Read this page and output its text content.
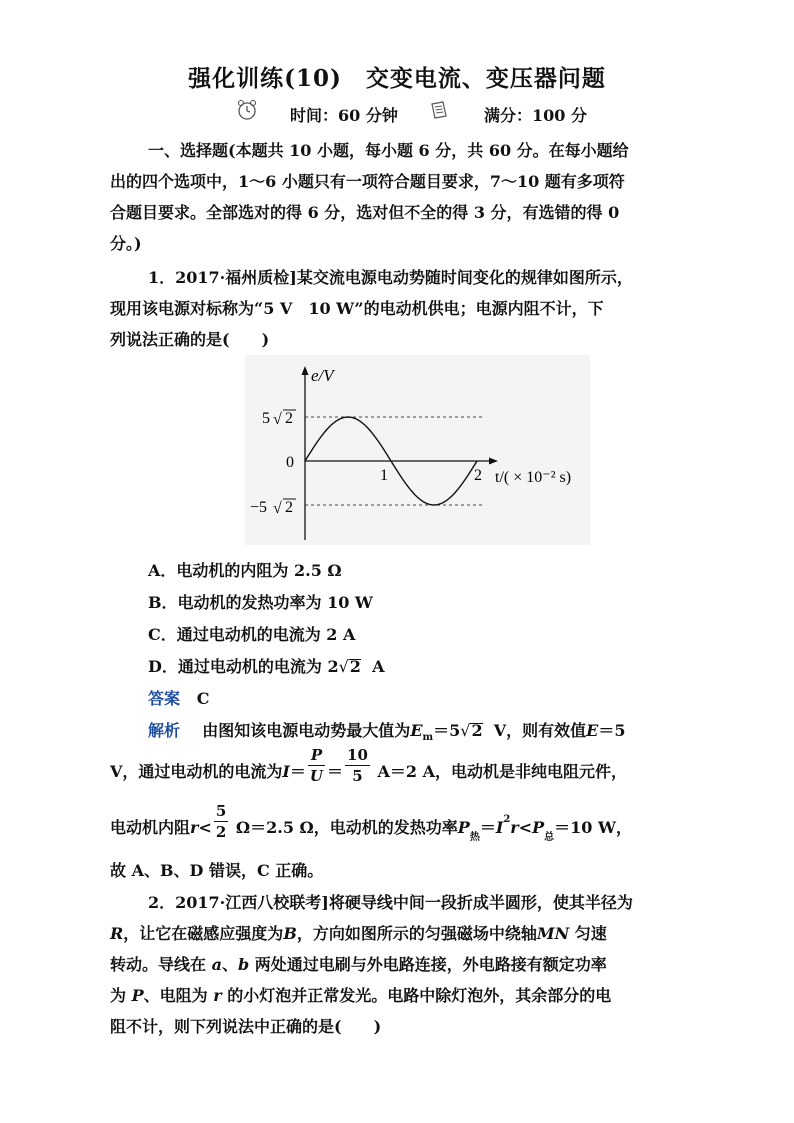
强化训练(10)　交变电流、变压器问题
时间：60 分钟	满分：100 分
一、选择题(本题共 10 小题，每小题 6 分，共 60 分。在每小题给
出的四个选项中，1～6 小题只有一项符合题目要求，7～10 题有多项符
合题目要求。全部选对的得 6 分，选对但不全的得 3 分，有选错的得 0
分。)
1．2017·福州质检]某交流电源电动势随时间变化的规律如图所示，
现用该电源对标称为“5 V　10 W”的电动机供电；电源内阻不计，下
列说法正确的是(　　)
e/V
5 √ 2
0
−5 √ 2
1	2 t/( × 10⁻² s)
A．电动机的内阻为 2.5 Ω
B．电动机的发热功率为 10 W
C．通过电动机的电流为 2 A
D．通过电动机的电流为 2√2 A
答案 C
解析 由图知该电源电动势最大值为$E_m=5√2$ V，则有效值E＝5
V，通过电动机的电流为$I= \frac{P}{U} = \frac{10}{5} A=2$ A，电动机是非纯电阻元件，
电动机内阻$r< \frac{5}{2} \Omega=2.5$ Ω，电动机的发热功率$P_热=I^2r<P_总=10$ W，
故 A、B、D 错误，C 正确。
2．2017·江西八校联考]将硬导线中间一段折成半圆形，使其半径为
R，让它在磁感应强度为B，方向如图所示的匀强磁场中绕轴MN 匀速
转动。导线在 a、b 两处通过电刷与外电路连接，外电路接有额定功率
为 P、电阻为 r 的小灯泡并正常发光。电路中除灯泡外，其余部分的电
阻不计，则下列说法中正确的是(　　)
